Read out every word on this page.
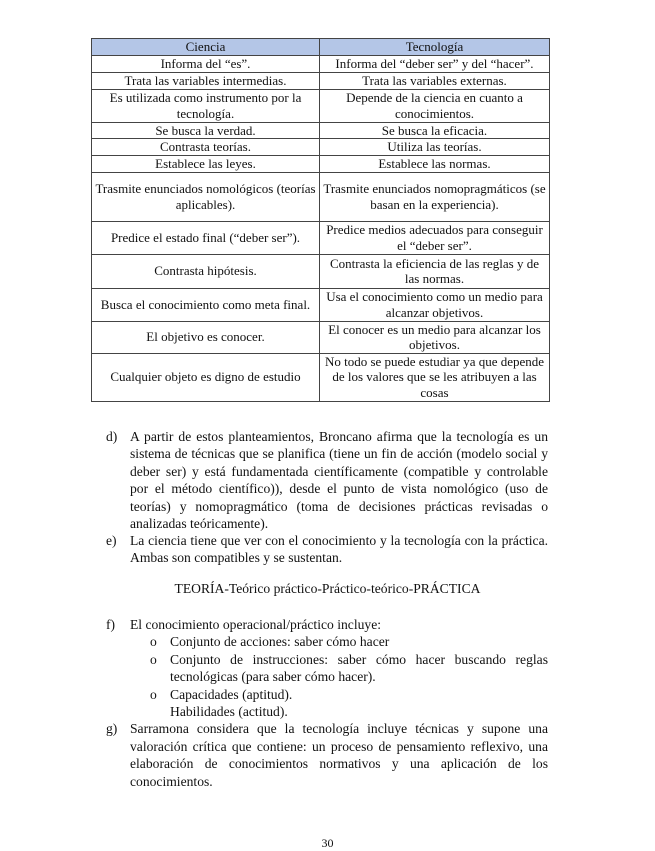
Ciencia	Tecnología
Informa del “es”.	Informa del “deber ser” y del “hacer”.
Trata las variables intermedias.	Trata las variables externas.
Es utilizada como instrumento por la tecnología.	Depende de la ciencia en cuanto a conocimientos.
Se busca la verdad.	Se busca la eficacia.
Contrasta teorías.	Utiliza las teorías.
Establece las leyes.	Establece las normas.
Trasmite enunciados nomológicos (teorías aplicables).	Trasmite enunciados nomopragmáticos (se basan en la experiencia).
Predice el estado final (“deber ser”).	Predice medios adecuados para conseguir el “deber ser”.
Contrasta hipótesis.	Contrasta la eficiencia de las reglas y de las normas.
Busca el conocimiento como meta final.	Usa el conocimiento como un medio para alcanzar objetivos.
El objetivo es conocer.	El conocer es un medio para alcanzar los objetivos.
Cualquier objeto es digno de estudio	No todo se puede estudiar ya que depende de los valores que se les atribuyen a las cosas
d) A partir de estos planteamientos, Broncano afirma que la tecnología es un sistema de técnicas que se planifica (tiene un fin de acción (modelo social y deber ser) y está fundamentada científicamente (compatible y controlable por el método científico)), desde el punto de vista nomológico (uso de teorías) y nomopragmático (toma de decisiones prácticas revisadas o analizadas teóricamente).
e) La ciencia tiene que ver con el conocimiento y la tecnología con la práctica. Ambas son compatibles y se sustentan.
TEORÍA-Teórico práctico-Práctico-teórico-PRÁCTICA
f) El conocimiento operacional/práctico incluye:
o Conjunto de acciones: saber cómo hacer
o Conjunto de instrucciones: saber cómo hacer buscando reglas tecnológicas (para saber cómo hacer).
o Capacidades (aptitud).
Habilidades (actitud).
g) Sarramona considera que la tecnología incluye técnicas y supone una valoración crítica que contiene: un proceso de pensamiento reflexivo, una elaboración de conocimientos normativos y una aplicación de los conocimientos.
30
